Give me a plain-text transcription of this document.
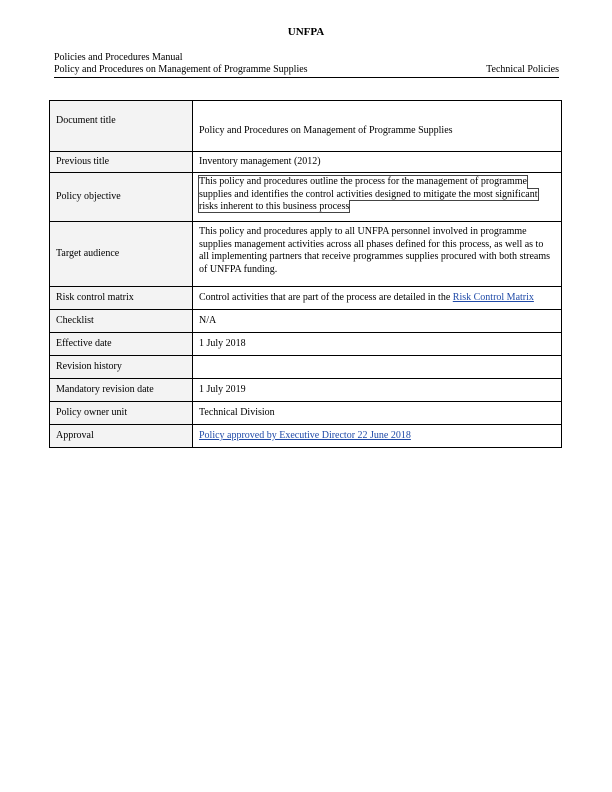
UNFPA
Policies and Procedures Manual
Policy and Procedures on Management of Programme Supplies	Technical Policies
Document title	Policy and Procedures on Management of Programme Supplies
Previous title	Inventory management (2012)
Policy objective	This policy and procedures outline the process for the management of programme supplies and identifies the control activities designed to mitigate the most significant risks inherent to this business process
Target audience	This policy and procedures apply to all UNFPA personnel involved in programme supplies management activities across all phases defined for this process, as well as to all implementing partners that receive programmes supplies procured with both streams of UNFPA funding.
Risk control matrix	Control activities that are part of the process are detailed in the Risk Control Matrix
Checklist	N/A
Effective date	1 July 2018
Revision history	
Mandatory revision date	1 July 2019
Policy owner unit	Technical Division
Approval	Policy approved by Executive Director 22 June 2018
